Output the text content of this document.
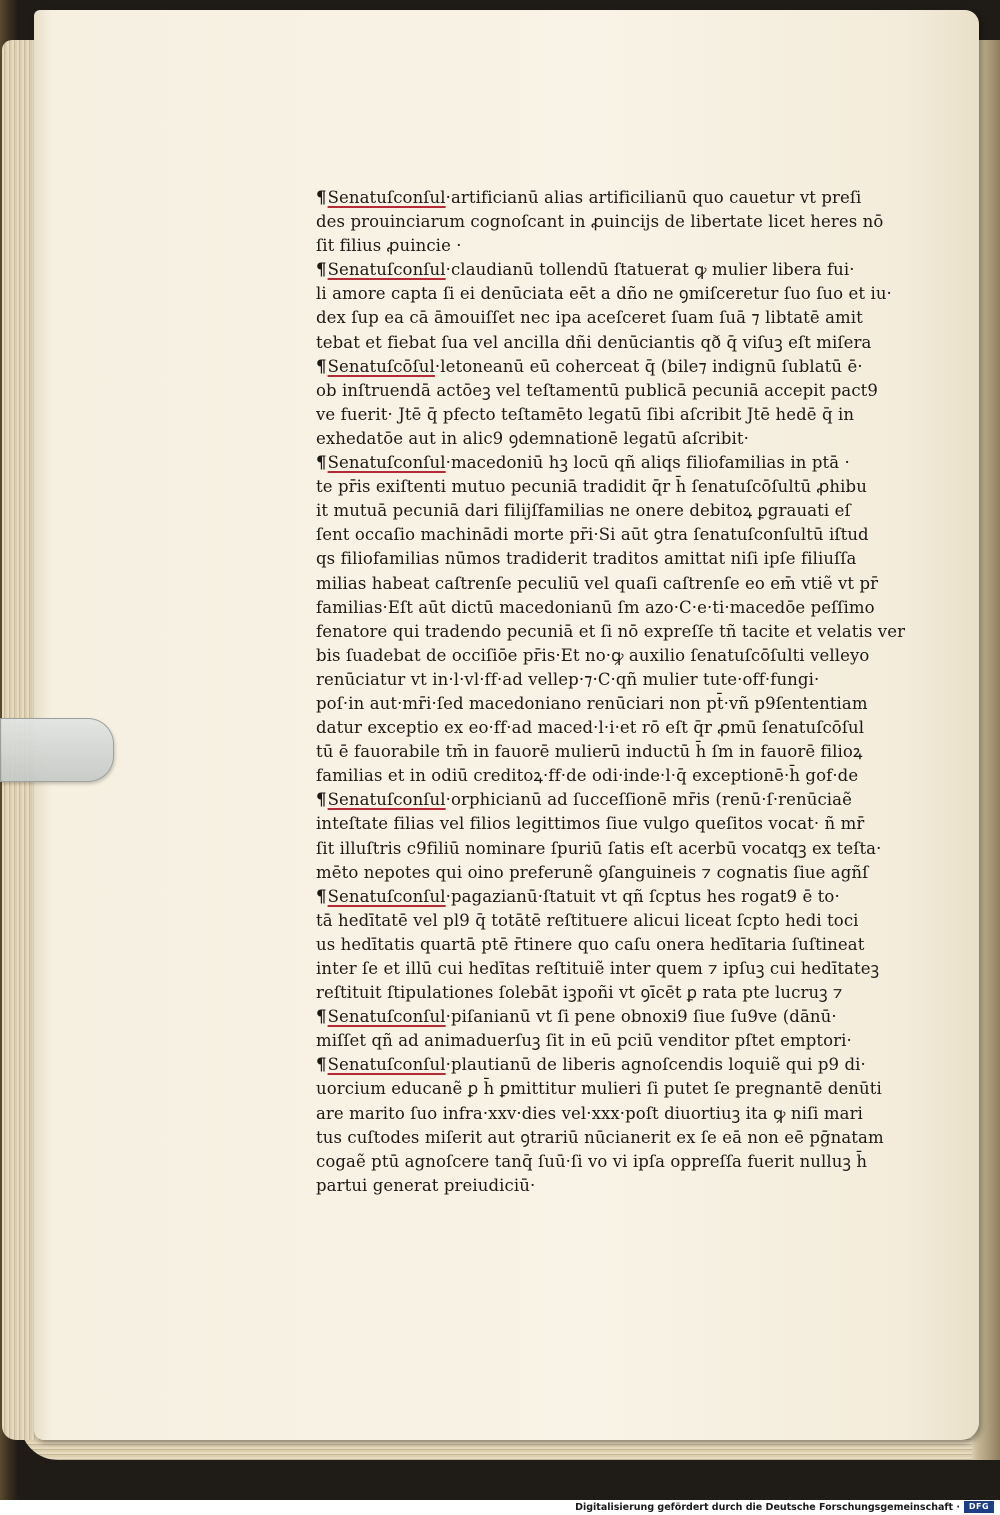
¶Senatuſconſul·artificianū alias artificilianū quo cauetur vt preſi
des prouinciarum cognoſcant in ꝓuincijs de libertate licet heres nō
ſit filius ꝓuincie ·
¶Senatuſconſul·claudianū tollendū ſtatuerat ꝙ mulier libera fui·
li amore capta ſi ei denūciata eēt a dño ne ꝯmiſceretur ſuo ſuo et iu·
dex ſup ea cā āmouiſſet nec ipa aceſceret ſuam ſuā ⁊ libtatē amit
tebat et fiebat ſua vel ancilla dñi denūciantis qð q̄ viſuꝫ eſt miſera
¶Senatuſcōſul·letoneanū eū coherceat q̄ (bile⁊ indignū ſublatū ē·
ob inſtruendā actōeꝫ vel teſtamentū publicā pecuniā accepit pact9
ve fuerit· Jtē q̄ pfecto teſtamēto legatū ſibi aſcribit Jtē hedē q̄ in
exhedatōe aut in alic9 ꝯdemnationē legatū aſcribit·
¶Senatuſconſul·macedoniū hꝫ locū qñ aliqs filiofamilias in ptā ·
te pr̄is exiſtenti mutuo pecuniā tradidit q̄r h̄ ſenatuſcōſultū ꝓhibu
it mutuā pecuniā dari filijſfamilias ne onere debitoꝝ ꝑgrauati eſ
ſent occaſio machinādi morte pr̄i·Si aūt ꝯtra ſenatuſconſultū iſtud
qs filiofamilias nūmos tradiderit traditos amittat niſi ipſe filiuſſa
milias habeat caſtrenſe peculiū vel quaſi caſtrenſe eo em̄ vtiẽ vt pr̄
familias·Eſt aūt dictū macedonianū ſm azo·C·e·ti·macedōe peſſimo
fenatore qui tradendo pecuniā et ſi nō expreſſe tñ tacite et velatis ver
bis ſuadebat de occiſiōe pr̄is·Et no·ꝙ auxilio ſenatuſcōſulti velleyo
renūciatur vt in·l·vl·ff·ad vellep·⁊·C·qñ mulier tute·off·fungi·
poſ·in aut·mr̄i·ſed macedoniano renūciari non pt̄·vñ p9ſententiam
datur exceptio ex eo·ff·ad maced·l·i·et rō eſt q̄r ꝓmū ſenatuſcōſul
tū ē fauorabile tm̄ in fauorē mulierū inductū h̄ ſm in fauorē filioꝝ
familias et in odiū creditoꝝ·ff·de odi·inde·l·q̄ exceptionē·h̄ gof·de
¶Senatuſconſul·orphicianū ad ſucceſſionē mr̄is (renū·ſ·renūciaẽ
inteſtate filias vel filios legittimos ſiue vulgo queſitos vocat· ñ mr̄
ſit illuſtris c9filiū nominare ſpuriū ſatis eſt acerbū vocatqꝫ ex teſta·
mēto nepotes qui oino preferunẽ ꝯſanguineis ⁊ cognatis ſiue agñſ
¶Senatuſconſul·pagazianū·ſtatuit vt qñ ſcptus hes rogat9 ē to·
tā hedītatē vel pl9 q̄ totātē reſtituere alicui liceat ſcpto hedi toci
us hedītatis quartā ptē r̄tinere quo caſu onera hedītaria ſuſtineat
inter ſe et illū cui hedītas reſtituiẽ inter quem ⁊ ipſuꝫ cui hedītateꝫ
reſtituit ſtipulationes ſolebāt iꝫpoñi vt ꝯīcēt ꝑ rata pte lucruꝫ ⁊
¶Senatuſconſul·piſanianū vt ſi pene obnoxi9 ſiue ſu9ve (dānū·
miſſet qñ ad animaduerſuꝫ ſit in eū pciū venditor pſtet emptori·
¶Senatuſconſul·plautianū de liberis agnoſcendis loquiẽ qui p9 di·
uorcium educanẽ ꝑ h̄ ꝑmittitur mulieri ſi putet ſe pregnantē denūti
are marito ſuo infra·xxv·dies vel·xxx·poſt diuortiuꝫ ita ꝙ niſi mari
tus cuſtodes miſerit aut ꝯtrariū nūcianerit ex ſe eā non eē pḡnatam
cogaẽ ptū agnoſcere tanq̄ ſuū·ſi vo vi ipſa oppreſſa fuerit nulluꝫ h̄
partui generat preiudiciū·
Digitalisierung gefördert durch die Deutsche Forschungsgemeinschaft ·	DFG
